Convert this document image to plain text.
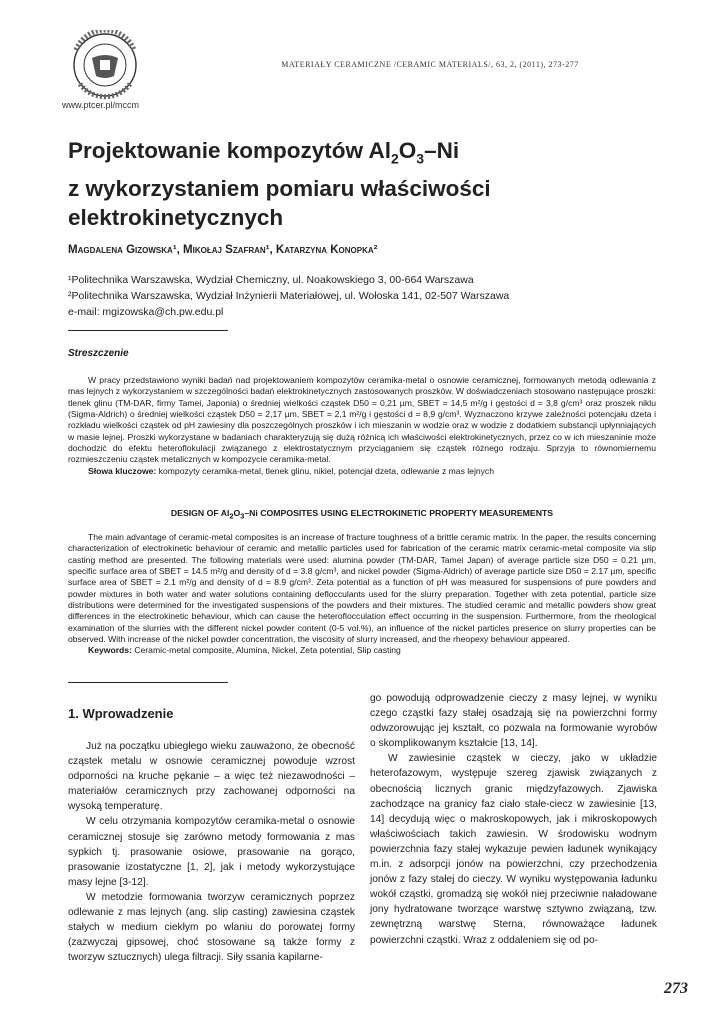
www.ptcer.pl/mccm
MATERIAŁY CERAMICZNE /CERAMIC MATERIALS/, 63, 2, (2011), 273-277
Projektowanie kompozytów $Al_2O_3-Ni$
z wykorzystaniem pomiaru właściwości
elektrokinetycznych
Magdalena Gizowska¹, Mikołaj Szafran¹, Katarzyna Konopka²
¹Politechnika Warszawska, Wydział Chemiczny, ul. Noakowskiego 3, 00-664 Warszawa
²Politechnika Warszawska, Wydział Inżynierii Materiałowej, ul. Wołoska 141, 02-507 Warszawa
e-mail: mgizowska@ch.pw.edu.pl
Streszczenie

W pracy przedstawiono wyniki badań nad projektowaniem kompozytów ceramika-metal o osnowie ceramicznej, formowanych metodą odlewania z mas lejnych z wykorzystaniem w szczególności badań elektrokinetycznych zastosowanych proszków. W doświadczeniach stosowano następujące proszki: tlenek glinu (TM-DAR, firmy Tamei, Japonia) o średniej wielkości cząstek D50 = 0,21 µm, SBET = 14,5 m²/g i gęstości d = 3,8 g/cm³ oraz proszek niklu (Sigma-Aldrich) o średniej wielkości cząstek D50 = 2,17 µm, SBET = 2,1 m²/g i gęstości d = 8,9 g/cm³. Wyznaczono krzywe zależności potencjału dzeta i rozkładu wielkości cząstek od pH zawiesiny dla poszczególnych proszków i ich mieszanin w wodzie oraz w wodzie z dodatkiem substancji upłynniających w masie lejnej. Proszki wykorzystane w badaniach charakteryzują się dużą różnicą ich właściwości elektrokinetycznych, przez co w ich mieszaninie może dochodzić do efektu heteroflokulacji związanego z elektrostatycznym przyciąganiem się cząstek różnego rodzaju. Sprzyja to równomiernemu rozmieszczeniu cząstek metalicznych w kompozycie ceramika-metal.

Słowa kluczowe: kompozyty ceramika-metal, tlenek glinu, nikiel, potencjał dzeta, odlewanie z mas lejnych

DESIGN OF $Al_2O_3-Ni$ COMPOSITES USING ELECTROKINETIC PROPERTY MEASUREMENTS

The main advantage of ceramic-metal composites is an increase of fracture toughness of a brittle ceramic matrix. In the paper, the results concerning characterization of electrokinetic behaviour of ceramic and metallic particles used for fabrication of the ceramic matrix ceramic-metal composite via slip casting method are presented. The following materials were used: alumina powder (TM-DAR, Tamei Japan) of average particle size D50 = 0.21 µm, specific surface area of SBET = 14.5 m²/g and density of d = 3.8 g/cm³, and nickel powder (Sigma-Aldrich) of average particle size D50 = 2.17 µm, specific surface area of SBET = 2.1 m²/g and density of d = 8.9 g/cm³. Zeta potential as a function of pH was measured for suspensions of pure powders and powder mixtures in both water and water solutions containing deflocculants used for the slurry preparation. Together with zeta potential, particle size distributions were determined for the investigated suspensions of the powders and their mixtures. The studied ceramic and metallic powders show great differences in the electrokinetic behaviour, which can cause the heteroflocculation effect occurring in the suspension. Furthermore, from the rheological examination of the slurries with the different nickel powder content (0-5 vol.%), an influence of the nickel particles presence on slurry properties can be observed. With increase of the nickel powder concentration, the viscosity of slurry increased, and the rheopexy behaviour appeared.

Keywords: Ceramic-metal composite, Alumina, Nickel, Zeta potential, Slip casting

1. Wprowadzenie

Już na początku ubiegłego wieku zauważono, że obecność cząstek metalu w osnowie ceramicznej powoduje wzrost odporności na kruche pękanie – a więc też niezawodności – materiałów ceramicznych przy zachowanej odporności na wysoką temperaturę.

W celu otrzymania kompozytów ceramika-metal o osnowie ceramicznej stosuje się zarówno metody formowania z mas sypkich tj. prasowanie osiowe, prasowanie na gorąco, prasowanie izostatyczne [1, 2], jak i metody wykorzystujące masy lejne [3-12].

W metodzie formowania tworzyw ceramicznych poprzez odlewanie z mas lejnych (ang. slip casting) zawiesina cząstek stałych w medium ciekłym po wlaniu do porowatej formy (zazwyczaj gipsowej, choć stosowane są także formy z tworzyw sztucznych) ulega filtracji. Siły ssania kapilarne-

go powodują odprowadzenie cieczy z masy lejnej, w wyniku czego cząstki fazy stałej osadzają się na powierzchni formy odwzorowując jej kształt, co pozwala na formowanie wyrobów o skomplikowanym kształcie [13, 14].

W zawiesinie cząstek w cieczy, jako w układzie heterofazowym, występuje szereg zjawisk związanych z obecnością licznych granic międzyfazowych. Zjawiska zachodzące na granicy faz ciało stałe-ciecz w zawiesinie [13, 14] decydują więc o makroskopowych, jak i mikroskopowych właściwościach takich zawiesin. W środowisku wodnym powierzchnia fazy stałej wykazuje pewien ładunek wynikający m.in. z adsorpcji jonów na powierzchni, czy przechodzenia jonów z fazy stałej do cieczy. W wyniku występowania ładunku wokół cząstki, gromadzą się wokół niej przeciwnie naładowane jony hydratowane tworzące warstwę sztywno związaną, tzw. zewnętrzną warstwę Sterna, równoważące ładunek powierzchni cząstki. Wraz z oddaleniem się od po-

273
